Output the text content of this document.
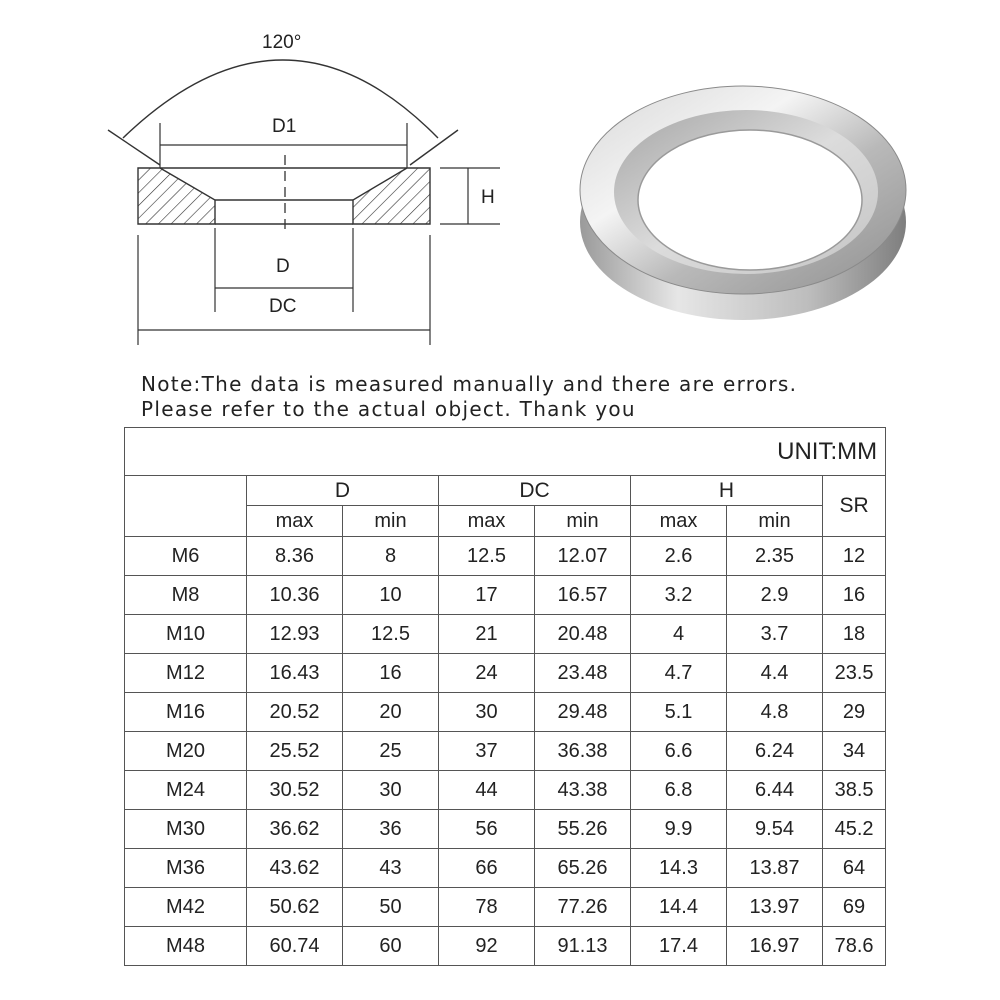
120°
D1
H
D
DC
Note:The data is measured manually and there are errors.
Please refer to the actual object. Thank you
UNIT:MM							
	D		DC		H		SR
	max	min	max	min	max	min	
M6	8.36	8	12.5	12.07	2.6	2.35	12
M8	10.36	10	17	16.57	3.2	2.9	16
M10	12.93	12.5	21	20.48	4	3.7	18
M12	16.43	16	24	23.48	4.7	4.4	23.5
M16	20.52	20	30	29.48	5.1	4.8	29
M20	25.52	25	37	36.38	6.6	6.24	34
M24	30.52	30	44	43.38	6.8	6.44	38.5
M30	36.62	36	56	55.26	9.9	9.54	45.2
M36	43.62	43	66	65.26	14.3	13.87	64
M42	50.62	50	78	77.26	14.4	13.97	69
M48	60.74	60	92	91.13	17.4	16.97	78.6
